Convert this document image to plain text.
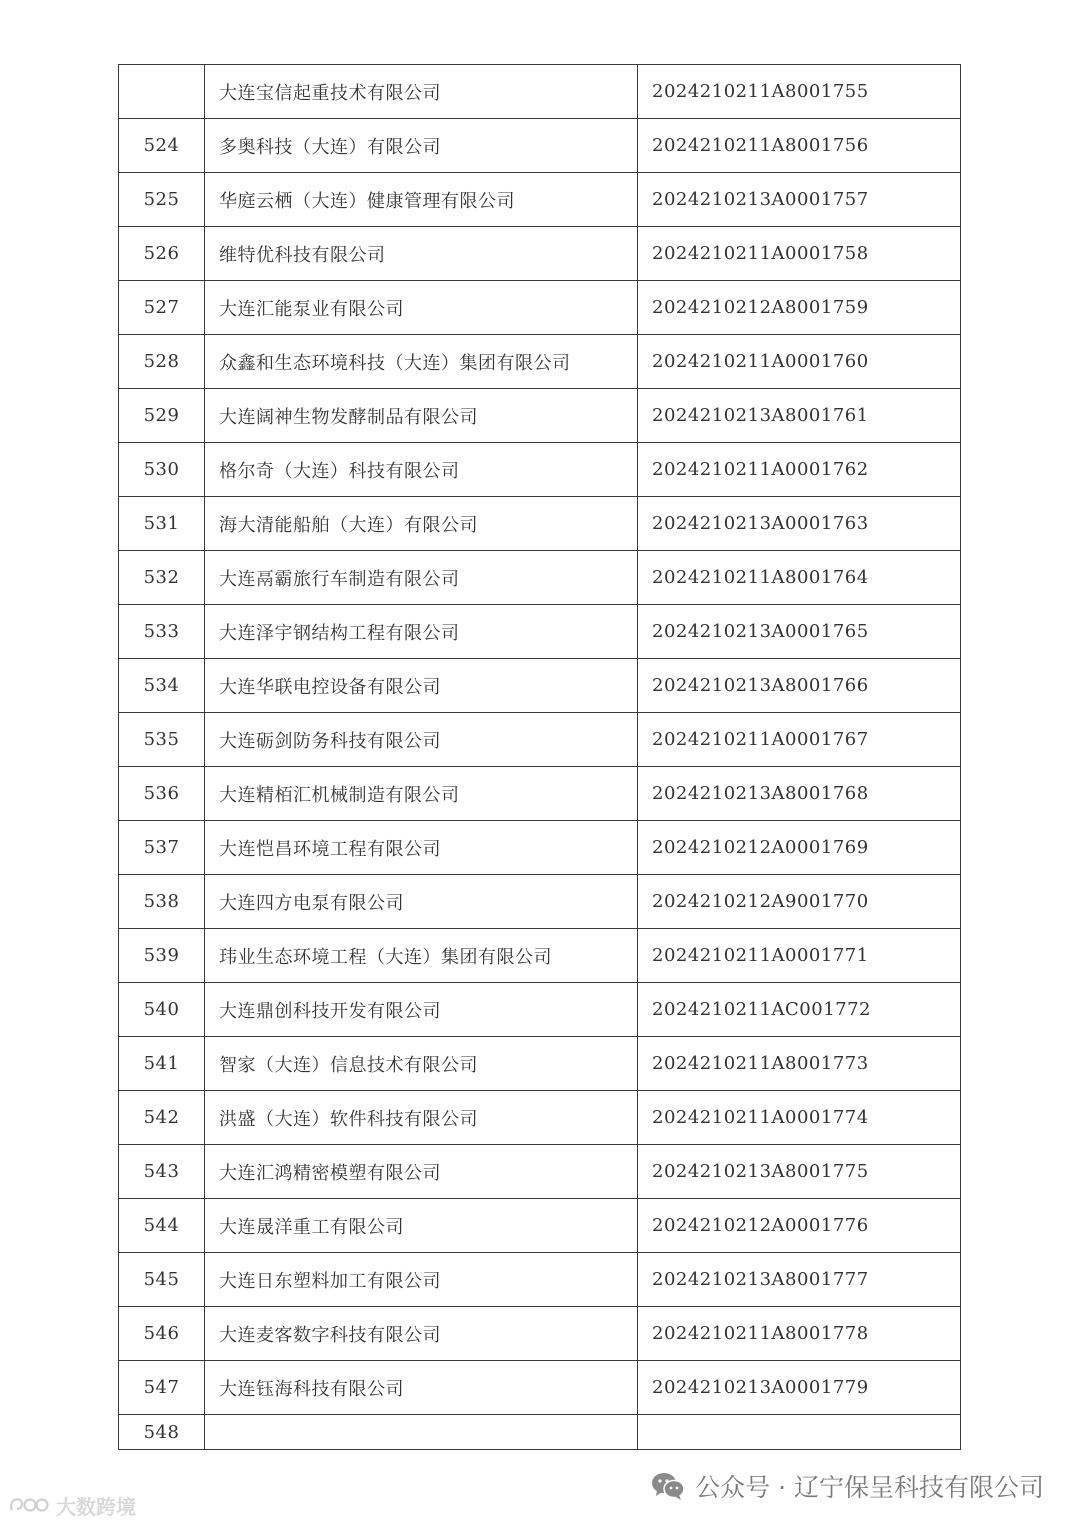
	大连宝信起重技术有限公司	2024210211A8001755
524	多奥科技（大连）有限公司	2024210211A8001756
525	华庭云栖（大连）健康管理有限公司	2024210213A0001757
526	维特优科技有限公司	2024210211A0001758
527	大连汇能泵业有限公司	2024210212A8001759
528	众鑫和生态环境科技（大连）集团有限公司	2024210211A0001760
529	大连阔神生物发酵制品有限公司	2024210213A8001761
530	格尔奇（大连）科技有限公司	2024210211A0001762
531	海大清能船舶（大连）有限公司	2024210213A0001763
532	大连鬲霸旅行车制造有限公司	2024210211A8001764
533	大连泽宇钢结构工程有限公司	2024210213A0001765
534	大连华联电控设备有限公司	2024210213A8001766
535	大连砺剑防务科技有限公司	2024210211A0001767
536	大连精栢汇机械制造有限公司	2024210213A8001768
537	大连恺昌环境工程有限公司	2024210212A0001769
538	大连四方电泵有限公司	2024210212A9001770
539	玮业生态环境工程（大连）集团有限公司	2024210211A0001771
540	大连鼎创科技开发有限公司	2024210211AC001772
541	智家（大连）信息技术有限公司	2024210211A8001773
542	洪盛（大连）软件科技有限公司	2024210211A0001774
543	大连汇鸿精密模塑有限公司	2024210213A8001775
544	大连晟洋重工有限公司	2024210212A0001776
545	大连日东塑料加工有限公司	2024210213A8001777
546	大连麦客数字科技有限公司	2024210211A8001778
547	大连钰海科技有限公司	2024210213A0001779
548		
公众号 · 辽宁保呈科技有限公司
大数跨境
